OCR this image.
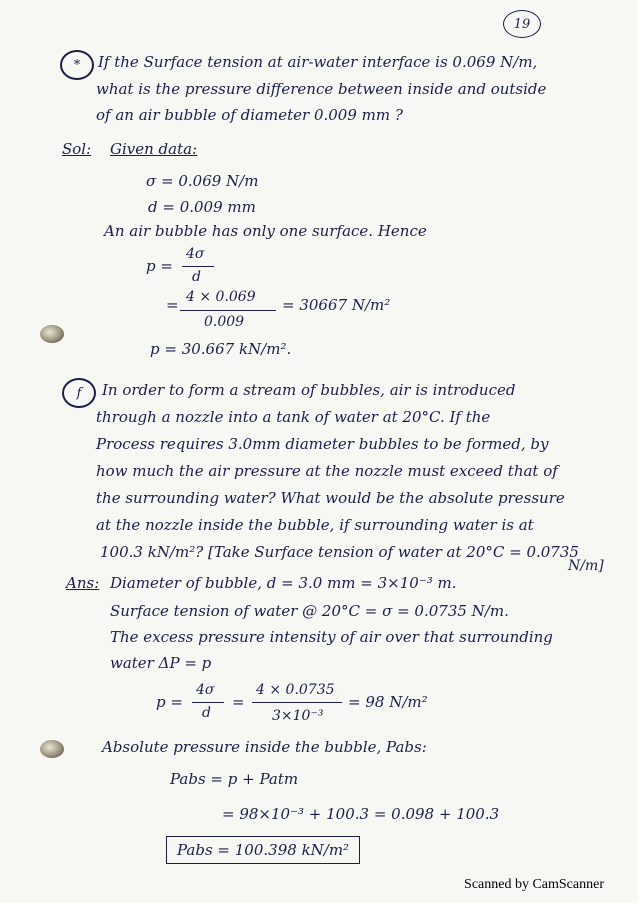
19
* If the Surface tension at air-water interface is 0.069 N/m,
what is the pressure difference between inside and outside
of an air bubble of diameter 0.009 mm ?
Sol: Given data:
σ = 0.069 N/m
d = 0.009 mm
An air bubble has only one surface. Hence
p =
4σ
d
= 4 × 0.069
0.009
= 30667 N/m²
p = 30.667 kN/m².
f In order to form a stream of bubbles, air is introduced
through a nozzle into a tank of water at 20°C. If the
Process requires 3.0mm diameter bubbles to be formed, by
how much the air pressure at the nozzle must exceed that of
the surrounding water? What would be the absolute pressure
at the nozzle inside the bubble, if surrounding water is at
100.3 kN/m²? [Take Surface tension of water at 20°C = 0.0735
N/m]
Ans: Diameter of bubble, d = 3.0 mm = 3×10⁻³ m.
Surface tension of water @ 20°C = σ = 0.0735 N/m.
The excess pressure intensity of air over that surrounding
water ΔP = p
p =
4σ
d
=
4 × 0.0735
3×10⁻³
= 98 N/m²
Absolute pressure inside the bubble, Pabs:
Pabs = p + Patm
= 98×10⁻³ + 100.3 = 0.098 + 100.3
Pabs = 100.398 kN/m²
Scanned by CamScanner
